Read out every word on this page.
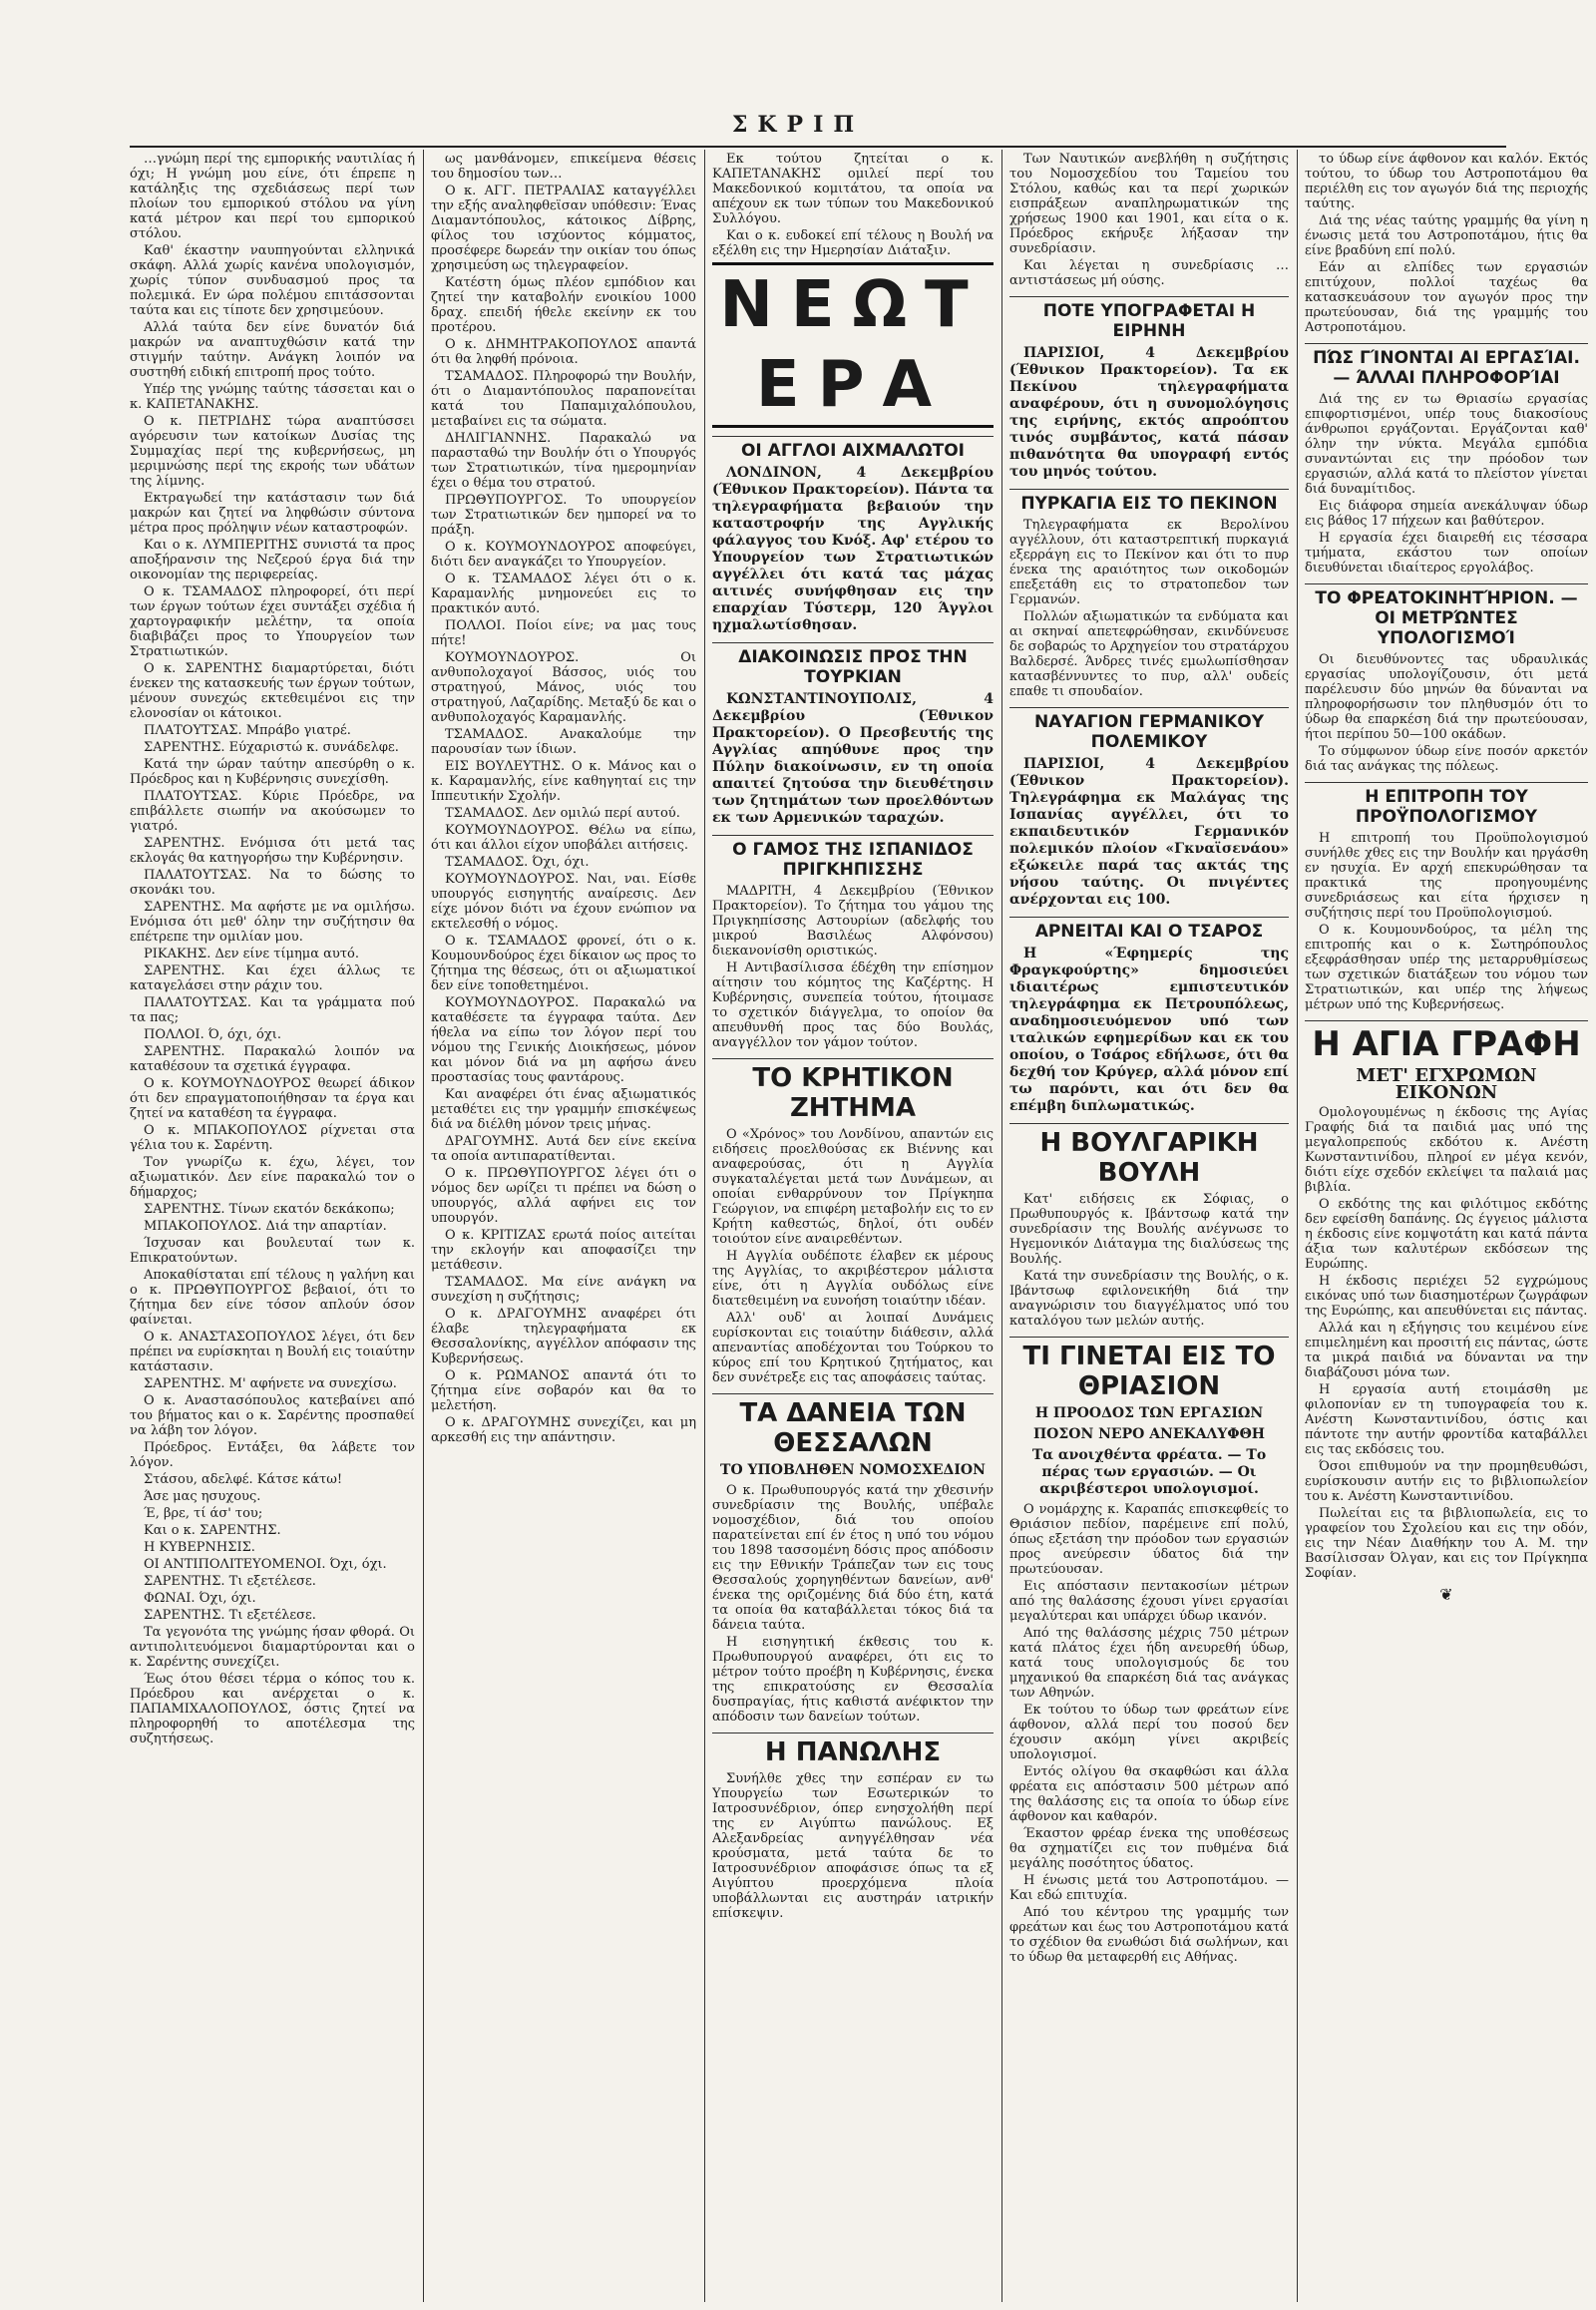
ΣΚΡΙΠ

…γνώμη περί της εμπορικής ναυτιλίας ή όχι; Η γνώμη μου είνε, ότι έπρεπε η κατάληξις της σχεδιάσεως περί των πλοίων του εμπορικού στόλου να γίνη κατά μέτρον και περί του εμπορικού στόλου.

Καθ' έκαστην ναυπηγούνται ελληνικά σκάφη. Αλλά χωρίς κανένα υπολογισμόν, χωρίς τύπον συνδυασμού προς τα πολεμικά. Εν ώρα πολέμου επιτάσσονται ταύτα και εις τίποτε δεν χρησιμεύουν.

Αλλά ταύτα δεν είνε δυνατόν διά μακρών να αναπτυχθώσιν κατά την στιγμήν ταύτην. Ανάγκη λοιπόν να συστηθή ειδική επιτροπή προς τούτο.

Υπέρ της γνώμης ταύτης τάσσεται και ο κ. ΚΑΠΕΤΑΝΑΚΗΣ.

Ο κ. ΠΕΤΡΙΔΗΣ τώρα αναπτύσσει αγόρευσιν των κατοίκων Δυσίας της Συμμαχίας περί της κυβερνήσεως, μη μεριμνώσης περί της εκροής των υδάτων της λίμνης.

Εκτραγωδεί την κατάστασιν των διά μακρών και ζητεί να ληφθώσιν σύντονα μέτρα προς πρόληψιν νέων καταστροφών.

Και ο κ. ΛΥΜΠΕΡΙΤΗΣ συνιστά τα προς αποξήρανσιν της Νεζερού έργα διά την οικονομίαν της περιφερείας.

Ο κ. ΤΣΑΜΑΔΟΣ πληροφορεί, ότι περί των έργων τούτων έχει συντάξει σχέδια ή χαρτογραφικήν μελέτην, τα οποία διαβιβάζει προς το Υπουργείον των Στρατιωτικών.

Ο κ. ΣΑΡΕΝΤΗΣ διαμαρτύρεται, διότι ένεκεν της κατασκευής των έργων τούτων, μένουν συνεχώς εκτεθειμένοι εις την ελονοσίαν οι κάτοικοι.

ΠΛΑΤΟΥΤΣΑΣ. Μπράβο γιατρέ.

ΣΑΡΕΝΤΗΣ. Εύχαριστώ κ. συνάδελφε.

Κατά την ώραν ταύτην απεσύρθη ο κ. Πρόεδρος και η Κυβέρνησις συνεχίσθη.

ΠΛΑΤΟΥΤΣΑΣ. Κύριε Πρόεδρε, να επιβάλλετε σιωπήν να ακούσωμεν το γιατρό.

ΣΑΡΕΝΤΗΣ. Ενόμισα ότι μετά τας εκλογάς θα κατηγορήσω την Κυβέρνησιν.

ΠΑΛΑΤΟΥΤΣΑΣ. Να το δώσης το σκονάκι του.

ΣΑΡΕΝΤΗΣ. Μα αφήστε με να ομιλήσω. Ενόμισα ότι μεθ' όλην την συζήτησιν θα επέτρεπε την ομιλίαν μου.

ΡΙΚΑΚΗΣ. Δεν είνε τίμημα αυτό.

ΣΑΡΕΝΤΗΣ. Και έχει άλλως τε καταγελάσει στην ράχιν του.

ΠΑΛΑΤΟΥΤΣΑΣ. Και τα γράμματα πού τα πας;

ΠΟΛΛΟΙ. Ό, όχι, όχι.

ΣΑΡΕΝΤΗΣ. Παρακαλώ λοιπόν να καταθέσουν τα σχετικά έγγραφα.

Ο κ. ΚΟΥΜΟΥΝΔΟΥΡΟΣ θεωρεί άδικον ότι δεν επραγματοποιήθησαν τα έργα και ζητεί να καταθέση τα έγγραφα.

Ο κ. ΜΠΑΚΟΠΟΥΛΟΣ ρίχνεται στα γέλια του κ. Σαρέντη.

Τον γνωρίζω κ. έχω, λέγει, τον αξιωματικόν. Δεν είνε παρακαλώ τον ο δήμαρχος;

ΣΑΡΕΝΤΗΣ. Τίνων εκατόν δεκάκοπω;

ΜΠΑΚΟΠΟΥΛΟΣ. Διά την απαρτίαν.

Ίσχυσαν και βουλευταί των κ. Επικρατούντων.

Αποκαθίσταται επί τέλους η γαλήνη και ο κ. ΠΡΩΘΥΠΟΥΡΓΟΣ βεβαιοί, ότι το ζήτημα δεν είνε τόσον απλούν όσον φαίνεται.

Ο κ. ΑΝΑΣΤΑΣΟΠΟΥΛΟΣ λέγει, ότι δεν πρέπει να ευρίσκηται η Βουλή εις τοιαύτην κατάστασιν.

ΣΑΡΕΝΤΗΣ. Μ' αφήνετε να συνεχίσω.

Ο κ. Αναστασόπουλος κατεβαίνει από του βήματος και ο κ. Σαρέντης προσπαθεί να λάβη τον λόγον.

Πρόεδρος. Εντάξει, θα λάβετε τον λόγον.

Στάσου, αδελφέ. Κάτσε κάτω!

Άσε μας ησυχους.

Έ, βρε, τί άσ' του;

Και ο κ. ΣΑΡΕΝΤΗΣ.

Η ΚΥΒΕΡΝΗΣΙΣ.

ΟΙ ΑΝΤΙΠΟΛΙΤΕΥΟΜΕΝΟΙ. Όχι, όχι.

ΣΑΡΕΝΤΗΣ. Τι εξετέλεσε.

ΦΩΝΑΙ. Όχι, όχι.

ΣΑΡΕΝΤΗΣ. Τι εξετέλεσε.

Τα γεγονότα της γνώμης ήσαν φθορά. Οι αντιπολιτευόμενοι διαμαρτύρονται και ο κ. Σαρέντης συνεχίζει.

Έως ότου θέσει τέρμα ο κόπος του κ. Πρόεδρου και ανέρχεται ο κ. ΠΑΠΑΜΙΧΑΛΟΠΟΥΛΟΣ, όστις ζητεί να πληροφορηθή το αποτέλεσμα της συζητήσεως.

ως μανθάνομεν, επικείμενα θέσεις του δημοσίου των…

Ο κ. ΑΓΓ. ΠΕΤΡΑΛΙΑΣ καταγγέλλει την εξής αναληφθεϊσαν υπόθεσιν: Ένας Διαμαντόπουλος, κάτοικος Δίβρης, φίλος του ισχύοντος κόμματος, προσέφερε δωρεάν την οικίαν του όπως χρησιμεύση ως τηλεγραφείον.

Κατέστη όμως πλέον εμπόδιον και ζητεί την καταβολήν ενοικίου 1000 δραχ. επειδή ήθελε εκείνην εκ του προτέρου.

Ο κ. ΔΗΜΗΤΡΑΚΟΠΟΥΛΟΣ απαντά ότι θα ληφθή πρόνοια.

ΤΣΑΜΑΔΟΣ. Πληροφορώ την Βουλήν, ότι ο Διαμαντόπουλος παραπονείται κατά του Παπαμιχαλόπουλου, μεταβαίνει εις τα σώματα.

ΔΗΛΙΓΙΑΝΝΗΣ. Παρακαλώ να παρασταθώ την Βουλήν ότι ο Υπουργός των Στρατιωτικών, τίνα ημερομηνίαν έχει ο θέμα του στρατού.

ΠΡΩΘΥΠΟΥΡΓΟΣ. Το υπουργείον των Στρατιωτικών δεν ημπορεί να το πράξη.

Ο κ. ΚΟΥΜΟΥΝΔΟΥΡΟΣ αποφεύγει, διότι δεν αναγκάζει το Υπουργείον.

Ο κ. ΤΣΑΜΑΔΟΣ λέγει ότι ο κ. Καραμανλής μνημονεύει εις το πρακτικόν αυτό.

ΠΟΛΛΟΙ. Ποίοι είνε; να μας τους πήτε!

ΚΟΥΜΟΥΝΔΟΥΡΟΣ. Οι ανθυπολοχαγοί Βάσσος, υιός του στρατηγού, Μάνος, υιός του στρατηγού, Λαζαρίδης. Μεταξύ δε και ο ανθυπολοχαγός Καραμανλής.

ΤΣΑΜΑΔΟΣ. Ανακαλούμε την παρουσίαν των ίδιων.

ΕΙΣ ΒΟΥΛΕΥΤΗΣ. Ο κ. Μάνος και ο κ. Καραμανλής, είνε καθηγηταί εις την Ιππευτικήν Σχολήν.

ΤΣΑΜΑΔΟΣ. Δεν ομιλώ περί αυτού.

ΚΟΥΜΟΥΝΔΟΥΡΟΣ. Θέλω να είπω, ότι και άλλοι είχον υποβάλει αιτήσεις.

ΤΣΑΜΑΔΟΣ. Όχι, όχι.

ΚΟΥΜΟΥΝΔΟΥΡΟΣ. Ναι, ναι. Είσθε υπουργός εισηγητής αναίρεσις. Δεν είχε μόνον διότι να έχουν ενώπιον να εκτελεσθή ο νόμος.

Ο κ. ΤΣΑΜΑΔΟΣ φρονεί, ότι ο κ. Κουμουνδούρος έχει δίκαιον ως προς το ζήτημα της θέσεως, ότι οι αξιωματικοί δεν είνε τοποθετημένοι.

ΚΟΥΜΟΥΝΔΟΥΡΟΣ. Παρακαλώ να καταθέσετε τα έγγραφα ταύτα. Δεν ήθελα να είπω τον λόγον περί του νόμου της Γενικής Διοικήσεως, μόνον και μόνον διά να μη αφήσω άνευ προστασίας τους φαντάρους.

Και αναφέρει ότι ένας αξιωματικός μεταθέτει εις την γραμμήν επισκέψεως διά να διέλθη μόνον τρεις μήνας.

ΔΡΑΓΟΥΜΗΣ. Αυτά δεν είνε εκείνα τα οποία αντιπαρατίθενται.

Ο κ. ΠΡΩΘΥΠΟΥΡΓΟΣ λέγει ότι ο νόμος δεν ωρίζει τι πρέπει να δώση ο υπουργός, αλλά αφήνει εις τον υπουργόν.

Ο κ. ΚΡΙΤΙΖΑΣ ερωτά ποίος αιτείται την εκλογήν και αποφασίζει την μετάθεσιν.

ΤΣΑΜΑΔΟΣ. Μα είνε ανάγκη να συνεχίση η συζήτησις;

Ο κ. ΔΡΑΓΟΥΜΗΣ αναφέρει ότι έλαβε τηλεγραφήματα εκ Θεσσαλονίκης, αγγέλλον απόφασιν της Κυβερνήσεως.

Ο κ. ΡΩΜΑΝΟΣ απαντά ότι το ζήτημα είνε σοβαρόν και θα το μελετήση.

Ο κ. ΔΡΑΓΟΥΜΗΣ συνεχίζει, και μη αρκεσθή εις την απάντησιν.

Εκ τούτου ζητείται ο κ. ΚΑΠΕΤΑΝΑΚΗΣ ομιλεί περί του Μακεδονικού κομιτάτου, τα οποία να απέχουν εκ των τύπων του Μακεδονικού Συλλόγου.

Και ο κ. ευδοκεί επί τέλους η Βουλή να εξέλθη εις την Ημερησίαν Διάταξιν.

ΝΕΩΤΕΡΑ
ΟΙ ΑΓΓΛΟΙ ΑΙΧΜΑΛΩΤΟΙ

ΛΟΝΔΙΝΟΝ, 4 Δεκεμβρίου (Έθνικον Πρακτορείον). Πάντα τα τηλεγραφήματα βεβαιούν την καταστροφήν της Αγγλικής φάλαγγος του Κνόξ. Αφ' ετέρου το Υπουργείον των Στρατιωτικών αγγέλλει ότι κατά τας μάχας αιτινές συνήφθησαν εις την επαρχίαν Τύστερμ, 120 Άγγλοι ηχμαλωτίσθησαν.

ΔΙΑΚΟΙΝΩΣΙΣ ΠΡΟΣ ΤΗΝ ΤΟΥΡΚΙΑΝ

ΚΩΝΣΤΑΝΤΙΝΟΥΠΟΛΙΣ, 4 Δεκεμβρίου (Έθνικον Πρακτορείον). Ο Πρεσβευτής της Αγγλίας απηύθυνε προς την Πύλην διακοίνωσιν, εν τη οποία απαιτεί ζητούσα την διευθέτησιν των ζητημάτων των προελθόντων εκ των Αρμενικών ταραχών.

Ο ΓΑΜΟΣ ΤΗΣ ΙΣΠΑΝΙΔΟΣ ΠΡΙΓΚΗΠΙΣΣΗΣ

ΜΑΔΡΙΤΗ, 4 Δεκεμβρίου (Έθνικον Πρακτορείον). Το ζήτημα του γάμου της Πριγκηπίσσης Αστουρίων (αδελφής του μικρού Βασιλέως Αλφόνσου) διεκανονίσθη οριστικώς.

Η Αντιβασίλισσα έδέχθη την επίσημον αίτησιν του κόμητος της Καζέρτης. Η Κυβέρνησις, συνεπεία τούτου, ήτοιμασε το σχετικόν διάγγελμα, το οποίον θα απευθυνθή προς τας δύο Βουλάς, αναγγέλλον τον γάμον τούτον.

ΤΟ ΚΡΗΤΙΚΟΝ ΖΗΤΗΜΑ

Ο «Χρόνος» του Λονδίνου, απαντών εις ειδήσεις προελθούσας εκ Βιέννης και αναφερούσας, ότι η Αγγλία συγκαταλέγεται μετά των Δυνάμεων, αι οποίαι ενθαρρύνουν τον Πρίγκηπα Γεώργιον, να επιφέρη μεταβολήν εις το εν Κρήτη καθεστώς, δηλοί, ότι ουδέν τοιούτον είνε αναιρεθέντων.

Η Αγγλία ουδέποτε έλαβεν εκ μέρους της Αγγλίας, το ακριβέστερον μάλιστα είνε, ότι η Αγγλία ουδόλως είνε διατεθειμένη να ευνοήση τοιαύτην ιδέαν.

Αλλ' ουδ' αι λοιπαί Δυνάμεις ευρίσκονται εις τοιαύτην διάθεσιν, αλλά απεναντίας αποδέχονται του Τούρκου το κύρος επί του Κρητικού ζητήματος, και δεν συνέτρεξε εις τας αποφάσεις ταύτας.

ΤΑ ΔΑΝΕΙΑ ΤΩΝ ΘΕΣΣΑΛΩΝ
ΤΟ ΥΠΟΒΛΗΘΕΝ ΝΟΜΟΣΧΕΔΙΟΝ

Ο κ. Πρωθυπουργός κατά την χθεσινήν συνεδρίασιν της Βουλής, υπέβαλε νομοσχέδιον, διά του οποίου παρατείνεται επί έν έτος η υπό του νόμου του 1898 τασσομένη δόσις προς απόδοσιν εις την Εθνικήν Τράπεζαν των εις τους Θεσσαλούς χορηγηθέντων δανείων, ανθ' ένεκα της οριζομένης διά δύο έτη, κατά τα οποία θα καταβάλλεται τόκος διά τα δάνεια ταύτα.

Η εισηγητική έκθεσις του κ. Πρωθυπουργού αναφέρει, ότι εις το μέτρον τούτο προέβη η Κυβέρνησις, ένεκα της επικρατούσης εν Θεσσαλία δυσπραγίας, ήτις καθιστά ανέφικτον την απόδοσιν των δανείων τούτων.

Η ΠΑΝΩΛΗΣ

Συνήλθε χθες την εσπέραν εν τω Υπουργείω των Εσωτερικών το Ιατροσυνέδριον, όπερ ενησχολήθη περί της εν Αιγύπτω πανώλους. Εξ Αλεξανδρείας ανηγγέλθησαν νέα κρούσματα, μετά ταύτα δε το Ιατροσυνέδριον αποφάσισε όπως τα εξ Αιγύπτου προερχόμενα πλοία υποβάλλωνται εις αυστηράν ιατρικήν επίσκεψιν.

Των Ναυτικών ανεβλήθη η συζήτησις του Νομοσχεδίου του Ταμείου του Στόλου, καθώς και τα περί χωρικών εισπράξεων αναπληρωματικών της χρήσεως 1900 και 1901, και είτα ο κ. Πρόεδρος εκήρυξε λήξασαν την συνεδρίασιν.

Και λέγεται η συνεδρίασις … αντιστάσεως μή ούσης.

ΠΟΤΕ ΥΠΟΓΡΑΦΕΤΑΙ Η ΕΙΡΗΝΗ

ΠΑΡΙΣΙΟΙ, 4 Δεκεμβρίου (Έθνικον Πρακτορείον). Τα εκ Πεκίνου τηλεγραφήματα αναφέρουν, ότι η συνομολόγησις της ειρήνης, εκτός απροόπτου τινός συμβάντος, κατά πάσαν πιθανότητα θα υπογραφή εντός του μηνός τούτου.

ΠΥΡΚΑΓΙΑ ΕΙΣ ΤΟ ΠΕΚΙΝΟΝ

Τηλεγραφήματα εκ Βερολίνου αγγέλλουν, ότι καταστρεπτική πυρκαγιά εξερράγη εις το Πεκίνον και ότι το πυρ ένεκα της αραιότητος των οικοδομών επεξετάθη εις το στρατοπεδον των Γερμανών.

Πολλών αξιωματικών τα ενδύματα και αι σκηναί απετεφρώθησαν, εκινδύνευσε δε σοβαρώς το Αρχηγείον του στρατάρχου Βαλδερσέ. Άνδρες τινές εμωλωπίσθησαν κατασβέννυντες το πυρ, αλλ' ουδείς επαθε τι σπουδαίον.

ΝΑΥΑΓΙΟΝ ΓΕΡΜΑΝΙΚΟΥ ΠΟΛΕΜΙΚΟΥ

ΠΑΡΙΣΙΟΙ, 4 Δεκεμβρίου (Έθνικον Πρακτορείον). Τηλεγράφημα εκ Μαλάγας της Ισπανίας αγγέλλει, ότι το εκπαιδευτικόν Γερμανικόν πολεμικόν πλοίον «Γκναϊσενάου» εξώκειλε παρά τας ακτάς της νήσου ταύτης. Οι πνιγέντες ανέρχονται εις 100.

ΑΡΝΕΙΤΑΙ ΚΑΙ Ο ΤΣΑΡΟΣ

Η «Έφημερίς της Φραγκφούρτης» δημοσιεύει ιδιαιτέρως εμπιστευτικόν τηλεγράφημα εκ Πετρουπόλεως, αναδημοσιευόμενον υπό των ιταλικών εφημερίδων και εκ του οποίου, ο Τσάρος εδήλωσε, ότι θα δεχθή τον Κρύγερ, αλλά μόνον επί τω παρόντι, και ότι δεν θα επέμβη διπλωματικώς.

Η ΒΟΥΛΓΑΡΙΚΗ ΒΟΥΛΗ

Κατ' ειδήσεις εκ Σόφιας, ο Πρωθυπουργός κ. Ιβάντσωφ κατά την συνεδρίασιν της Βουλής ανέγνωσε το Ηγεμονικόν Διάταγμα της διαλύσεως της Βουλής.

Κατά την συνεδρίασιν της Βουλής, ο κ. Ιβάντσωφ εφιλονεικήθη διά την αναγνώρισιν του διαγγέλματος υπό του καταλόγου των μελών αυτής.

ΤΙ ΓΙΝΕΤΑΙ ΕΙΣ ΤΟ ΘΡΙΑΣΙΟΝ
Η ΠΡΟΟΔΟΣ ΤΩΝ ΕΡΓΑΣΙΩΝ
ΠΟΣΟΝ ΝΕΡΟ ΑΝΕΚΑΛΥΦΘΗ
Τα ανοιχθέντα φρέατα. — Το πέρας των εργασιών. — Οι ακριβέστεροι υπολογισμοί.

Ο νομάρχης κ. Καραπάς επισκεφθείς το Θριάσιον πεδίον, παρέμεινε επί πολύ, όπως εξετάση την πρόοδον των εργασιών προς ανεύρεσιν ύδατος διά την πρωτεύουσαν.

Εις απόστασιν πεντακοσίων μέτρων από της θαλάσσης έχουσι γίνει εργασίαι μεγαλύτεραι και υπάρχει ύδωρ ικανόν.

Από της θαλάσσης μέχρις 750 μέτρων κατά πλάτος έχει ήδη ανευρεθή ύδωρ, κατά τους υπολογισμούς δε του μηχανικού θα επαρκέση διά τας ανάγκας των Αθηνών.

Εκ τούτου το ύδωρ των φρεάτων είνε άφθονον, αλλά περί του ποσού δεν έχουσιν ακόμη γίνει ακριβείς υπολογισμοί.

Εντός ολίγου θα σκαφθώσι και άλλα φρέατα εις απόστασιν 500 μέτρων από της θαλάσσης εις τα οποία το ύδωρ είνε άφθονον και καθαρόν.

Έκαστον φρέαρ ένεκα της υποθέσεως θα σχηματίζει εις τον πυθμένα διά μεγάλης ποσότητος ύδατος.

Η ένωσις μετά του Αστροποτάμου. — Και εδώ επιτυχία.

Από του κέντρου της γραμμής των φρεάτων και έως του Αστροποτάμου κατά το σχέδιον θα ενωθώσι διά σωλήνων, και το ύδωρ θα μεταφερθή εις Αθήνας.

το ύδωρ είνε άφθονον και καλόν. Εκτός τούτου, το ύδωρ του Αστροποτάμου θα περιέλθη εις τον αγωγόν διά της περιοχής ταύτης.

Διά της νέας ταύτης γραμμής θα γίνη η ένωσις μετά του Αστροποτάμου, ήτις θα είνε βραδύνη επί πολύ.

Εάν αι ελπίδες των εργασιών επιτύχουν, πολλοί ταχέως θα κατασκευάσουν τον αγωγόν προς την πρωτεύουσαν, διά της γραμμής του Αστροποτάμου.

ΠΏΣ ΓΊΝΟΝΤΑΙ ΑΙ ΕΡΓΑΣΊΑΙ. — ΆΛΛΑΙ ΠΛΗΡΟΦΟΡΊΑΙ

Διά της εν τω Θριασίω εργασίας επιφορτισμένοι, υπέρ τους διακοσίους άνθρωποι εργάζονται. Εργάζονται καθ' όλην την νύκτα. Μεγάλα εμπόδια συναντώνται εις την πρόοδον των εργασιών, αλλά κατά το πλείστον γίνεται διά δυναμίτιδος.

Εις διάφορα σημεία ανεκάλυψαν ύδωρ εις βάθος 17 πήχεων και βαθύτερον.

Η εργασία έχει διαιρεθή εις τέσσαρα τμήματα, εκάστου των οποίων διευθύνεται ιδιαίτερος εργολάβος.

ΤΟ ΦΡΕΑΤΟΚΙΝΗΤΉΡΙΟΝ. — ΟΙ ΜΕΤΡΏΝΤΕΣ ΥΠΟΛΟΓΙΣΜΟΊ

Οι διευθύνοντες τας υδραυλικάς εργασίας υπολογίζουσιν, ότι μετά παρέλευσιν δύο μηνών θα δύνανται να πληροφορήσωσιν τον πληθυσμόν ότι το ύδωρ θα επαρκέση διά την πρωτεύουσαν, ήτοι περίπου 50—100 οκάδων.

Το σύμφωνον ύδωρ είνε ποσόν αρκετόν διά τας ανάγκας της πόλεως.

Η ΕΠΙΤΡΟΠΗ ΤΟΥ ΠΡΟΫΠΟΛΟΓΙΣΜΟΥ

Η επιτροπή του Προϋπολογισμού συνήλθε χθες εις την Βουλήν και ηργάσθη εν ησυχία. Εν αρχή επεκυρώθησαν τα πρακτικά της προηγουμένης συνεδριάσεως και είτα ήρχισεν η συζήτησις περί του Προϋπολογισμού.

Ο κ. Κουμουνδούρος, τα μέλη της επιτροπής και ο κ. Σωτηρόπουλος εξεφράσθησαν υπέρ της μεταρρυθμίσεως των σχετικών διατάξεων του νόμου των Στρατιωτικών, και υπέρ της λήψεως μέτρων υπό της Κυβερνήσεως.

Η ΑΓΙΑ ΓΡΑΦΗ
ΜΕΤ' ΕΓΧΡΩΜΩΝ ΕΙΚΟΝΩΝ

Ομολογουμένως η έκδοσις της Αγίας Γραφής διά τα παιδιά μας υπό της μεγαλοπρεπούς εκδότου κ. Ανέστη Κωνσταντινίδου, πληροί εν μέγα κενόν, διότι είχε σχεδόν εκλείψει τα παλαιά μας βιβλία.

Ο εκδότης της και φιλότιμος εκδότης δεν εφείσθη δαπάνης. Ως έγγειος μάλιστα η έκδοσις είνε κομψοτάτη και κατά πάντα άξια των καλυτέρων εκδόσεων της Ευρώπης.

Η έκδοσις περιέχει 52 εγχρώμους εικόνας υπό των διασημοτέρων ζωγράφων της Ευρώπης, και απευθύνεται εις πάντας.

Αλλά και η εξήγησις του κειμένου είνε επιμελημένη και προσιτή εις πάντας, ώστε τα μικρά παιδιά να δύνανται να την διαβάζουσι μόνα των.

Η εργασία αυτή ετοιμάσθη με φιλοπονίαν εν τη τυπογραφεία του κ. Ανέστη Κωνσταντινίδου, όστις και πάντοτε την αυτήν φροντίδα καταβάλλει εις τας εκδόσεις του.

Όσοι επιθυμούν να την προμηθευθώσι, ευρίσκουσιν αυτήν εις το βιβλιοπωλείον του κ. Ανέστη Κωνσταντινίδου.

Πωλείται εις τα βιβλιοπωλεία, εις το γραφείον του Σχολείου και εις την οδόν, εις την Νέαν Διαθήκην του Α. Μ. την Βασίλισσαν Όλγαν, και εις τον Πρίγκηπα Σοφίαν.

❦
